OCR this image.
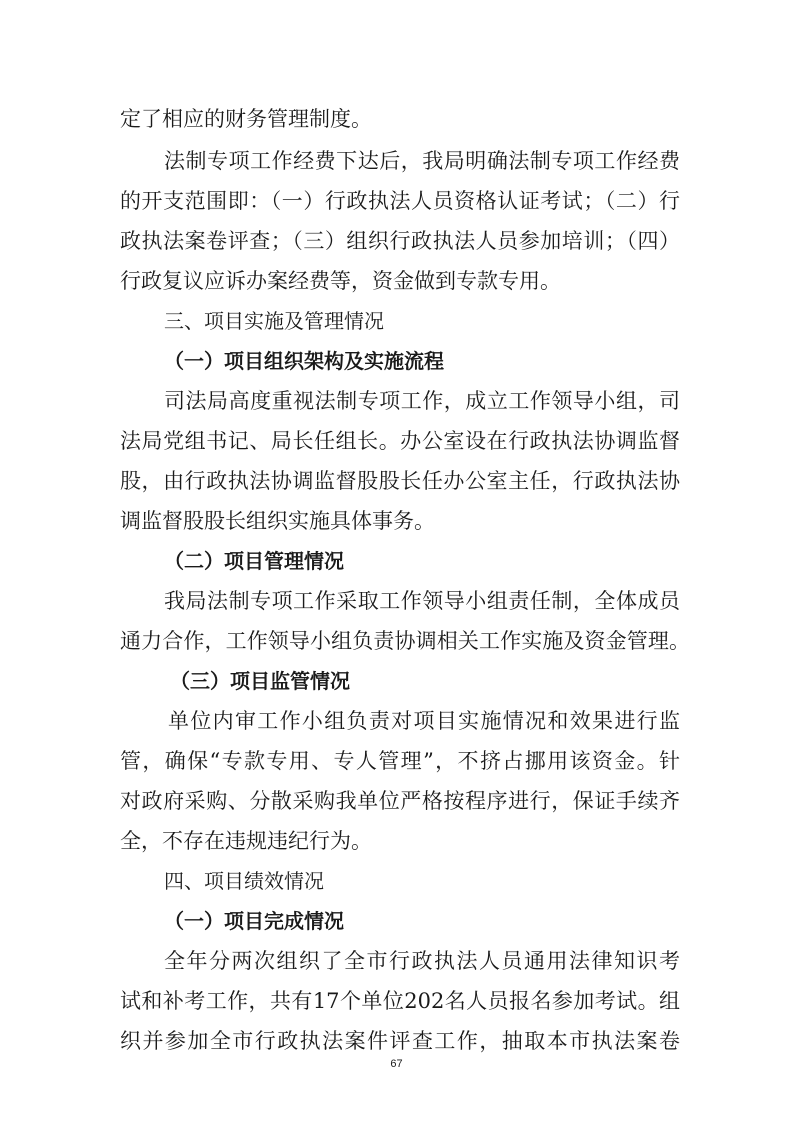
定了相应的财务管理制度。
法制专项工作经费下达后，我局明确法制专项工作经费
的开支范围即：（一）行政执法人员资格认证考试；（二）行
政执法案卷评查；（三）组织行政执法人员参加培训；（四）
行政复议应诉办案经费等，资金做到专款专用。
三、项目实施及管理情况
（一）项目组织架构及实施流程
司法局高度重视法制专项工作，成立工作领导小组，司
法局党组书记、局长任组长。办公室设在行政执法协调监督
股，由行政执法协调监督股股长任办公室主任，行政执法协
调监督股股长组织实施具体事务。
（二）项目管理情况
我局法制专项工作采取工作领导小组责任制，全体成员
通力合作，工作领导小组负责协调相关工作实施及资金管理。
（三）项目监管情况
单位内审工作小组负责对项目实施情况和效果进行监
管，确保“专款专用、专人管理”，不挤占挪用该资金。针
对政府采购、分散采购我单位严格按程序进行，保证手续齐
全，不存在违规违纪行为。
四、项目绩效情况
（一）项目完成情况
全年分两次组织了全市行政执法人员通用法律知识考
试和补考工作，共有17个单位202名人员报名参加考试。组
织并参加全市行政执法案件评查工作，抽取本市执法案卷
67
